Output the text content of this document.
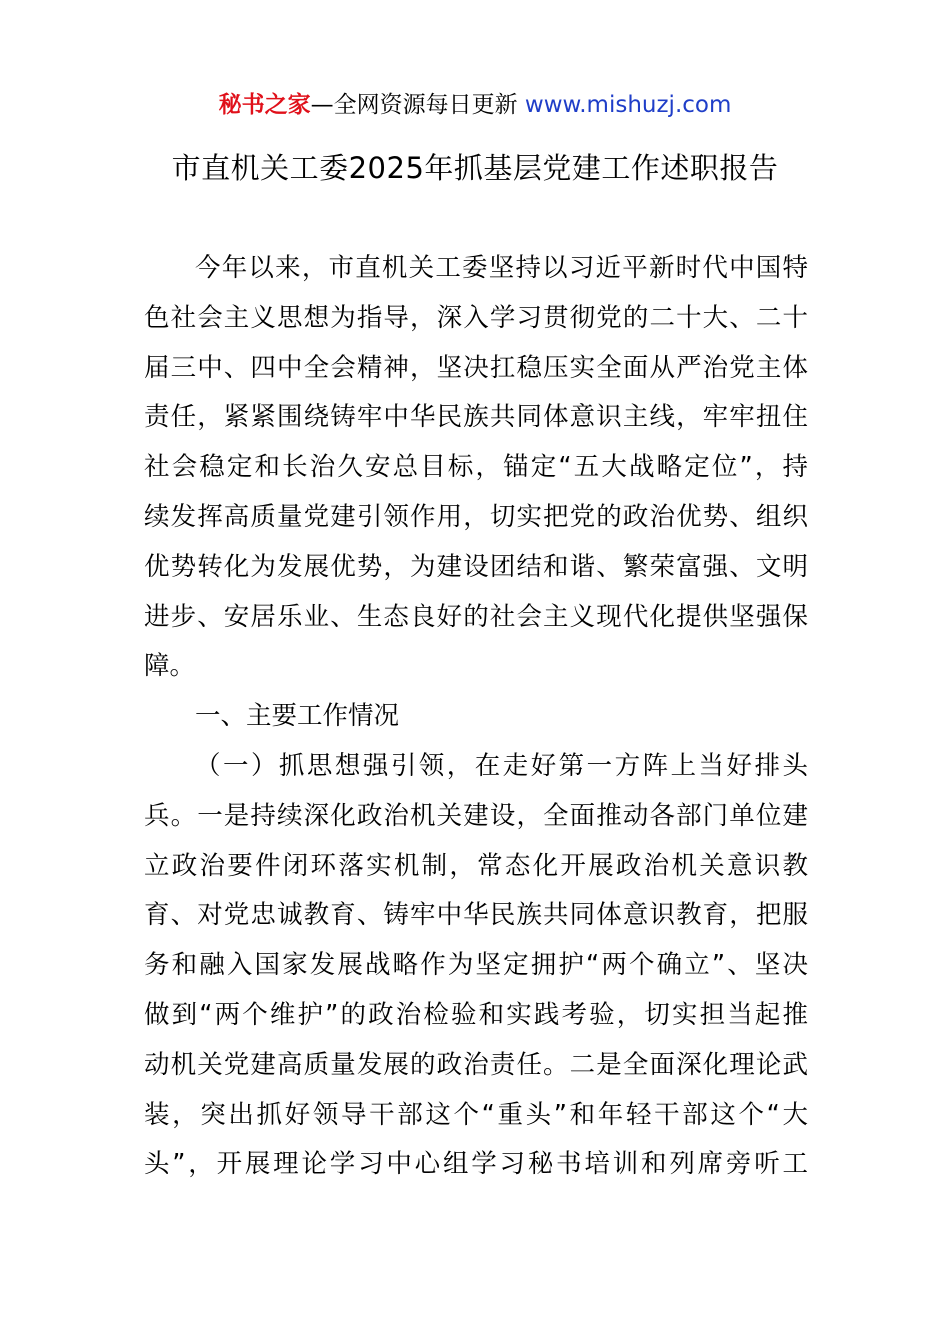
秘书之家—全网资源每日更新 www.mishuzj.com
市直机关工委2025年抓基层党建工作述职报告
今年以来，市直机关工委坚持以习近平新时代中国特
色社会主义思想为指导，深入学习贯彻党的二十大、二十
届三中、四中全会精神，坚决扛稳压实全面从严治党主体
责任，紧紧围绕铸牢中华民族共同体意识主线，牢牢扭住
社会稳定和长治久安总目标，锚定“五大战略定位”，持
续发挥高质量党建引领作用，切实把党的政治优势、组织
优势转化为发展优势，为建设团结和谐、繁荣富强、文明
进步、安居乐业、生态良好的社会主义现代化提供坚强保
障。
一、主要工作情况
（一）抓思想强引领，在走好第一方阵上当好排头
兵。一是持续深化政治机关建设，全面推动各部门单位建
立政治要件闭环落实机制，常态化开展政治机关意识教
育、对党忠诚教育、铸牢中华民族共同体意识教育，把服
务和融入国家发展战略作为坚定拥护“两个确立”、坚决
做到“两个维护”的政治检验和实践考验，切实担当起推
动机关党建高质量发展的政治责任。二是全面深化理论武
装，突出抓好领导干部这个“重头”和年轻干部这个“大
头”，开展理论学习中心组学习秘书培训和列席旁听工
